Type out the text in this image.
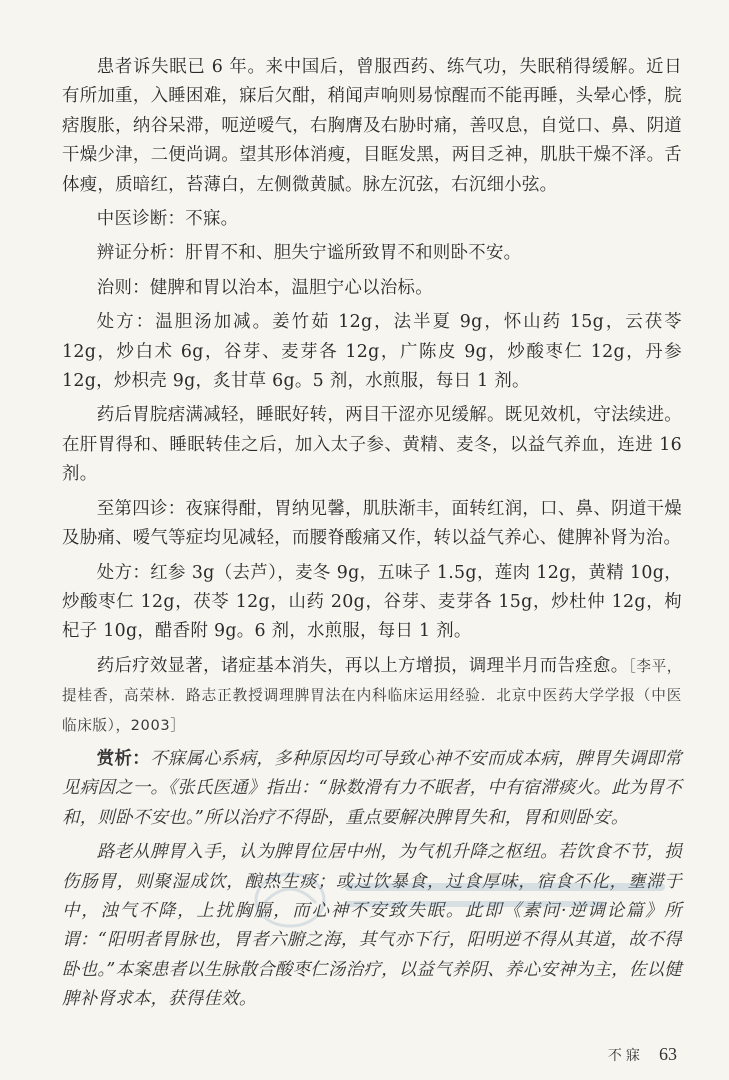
患者诉失眠已 6 年。来中国后，曾服西药、练气功，失眠稍得缓解。近日有所加重，入睡困难，寐后欠酣，稍闻声响则易惊醒而不能再睡，头晕心悸，脘痞腹胀，纳谷呆滞，呃逆嗳气，右胸膺及右胁时痛，善叹息，自觉口、鼻、阴道干燥少津，二便尚调。望其形体消瘦，目眶发黑，两目乏神，肌肤干燥不泽。舌体瘦，质暗红，苔薄白，左侧微黄腻。脉左沉弦，右沉细小弦。

中医诊断：不寐。

辨证分析：肝胃不和、胆失宁谧所致胃不和则卧不安。

治则：健脾和胃以治本，温胆宁心以治标。

处方：温胆汤加减。姜竹茹 12g，法半夏 9g，怀山药 15g，云茯苓 12g，炒白术 6g，谷芽、麦芽各 12g，广陈皮 9g，炒酸枣仁 12g，丹参 12g，炒枳壳 9g，炙甘草 6g。5 剂，水煎服，每日 1 剂。

药后胃脘痞满减轻，睡眠好转，两目干涩亦见缓解。既见效机，守法续进。在肝胃得和、睡眠转佳之后，加入太子参、黄精、麦冬，以益气养血，连进 16 剂。

至第四诊：夜寐得酣，胃纳见馨，肌肤渐丰，面转红润，口、鼻、阴道干燥及胁痛、嗳气等症均见减轻，而腰脊酸痛又作，转以益气养心、健脾补肾为治。

处方：红参 3g（去芦），麦冬 9g，五味子 1.5g，莲肉 12g，黄精 10g，炒酸枣仁 12g，茯苓 12g，山药 20g，谷芽、麦芽各 15g，炒杜仲 12g，枸杞子 10g，醋香附 9g。6 剂，水煎服，每日 1 剂。

药后疗效显著，诸症基本消失，再以上方增损，调理半月而告痊愈。［李平，提桂香，高荣林．路志正教授调理脾胃法在内科临床运用经验．北京中医药大学学报（中医临床版），2003］

赏析：不寐属心系病，多种原因均可导致心神不安而成本病，脾胃失调即常见病因之一。《张氏医通》指出：“脉数滑有力不眠者，中有宿滞痰火。此为胃不和，则卧不安也。”所以治疗不得卧，重点要解决脾胃失和，胃和则卧安。

路老从脾胃入手，认为脾胃位居中州，为气机升降之枢纽。若饮食不节，损伤肠胃，则聚湿成饮，酿热生痰；或过饮暴食，过食厚味，宿食不化，壅滞于中，浊气不降，上扰胸膈，而心神不安致失眠。此即《素问·逆调论篇》所谓：“阳明者胃脉也，胃者六腑之海，其气亦下行，阳明逆不得从其道，故不得卧也。”本案患者以生脉散合酸枣仁汤治疗，以益气养阴、养心安神为主，佐以健脾补肾求本，获得佳效。

不寐 63
